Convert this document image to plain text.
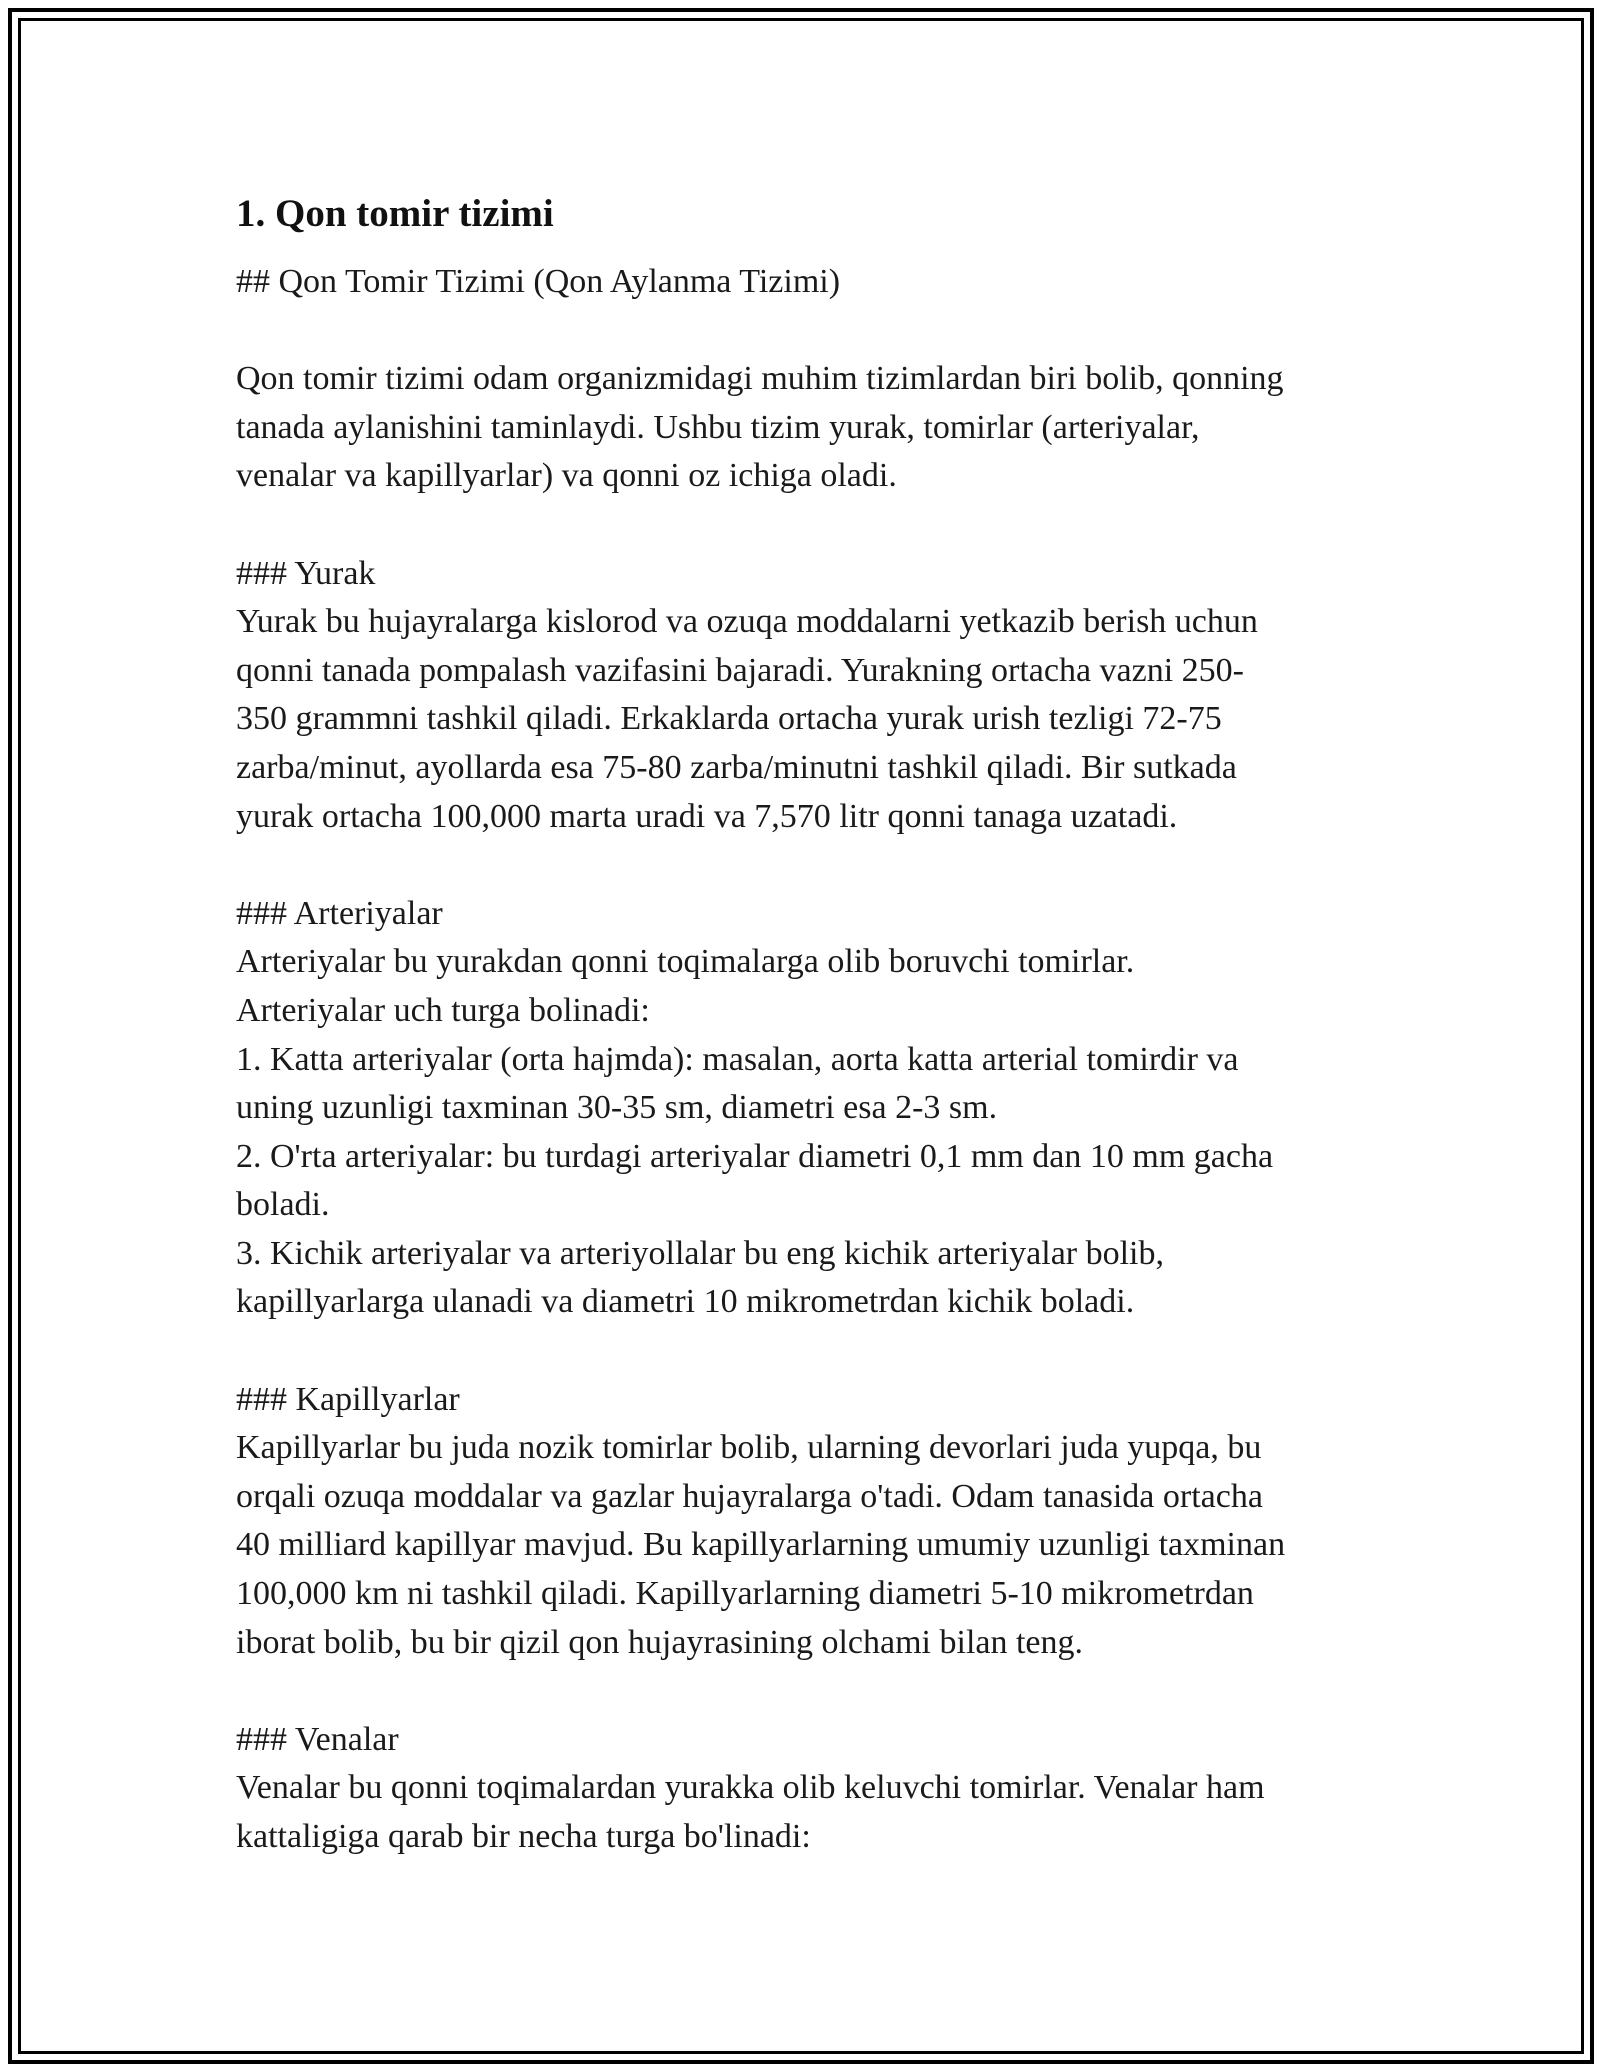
1. Qon tomir tizimi

## Qon Tomir Tizimi (Qon Aylanma Tizimi)

Qon tomir tizimi odam organizmidagi muhim tizimlardan biri bolib, qonning

tanada aylanishini taminlaydi. Ushbu tizim yurak, tomirlar (arteriyalar,

venalar va kapillyarlar) va qonni oz ichiga oladi.

### Yurak

Yurak bu hujayralarga kislorod va ozuqa moddalarni yetkazib berish uchun

qonni tanada pompalash vazifasini bajaradi. Yurakning ortacha vazni 250-

350 grammni tashkil qiladi. Erkaklarda ortacha yurak urish tezligi 72-75

zarba/minut, ayollarda esa 75-80 zarba/minutni tashkil qiladi. Bir sutkada

yurak ortacha 100,000 marta uradi va 7,570 litr qonni tanaga uzatadi.

### Arteriyalar

Arteriyalar bu yurakdan qonni toqimalarga olib boruvchi tomirlar.

Arteriyalar uch turga bolinadi:

1. Katta arteriyalar (orta hajmda): masalan, aorta katta arterial tomirdir va

uning uzunligi taxminan 30-35 sm, diametri esa 2-3 sm.

2. O'rta arteriyalar: bu turdagi arteriyalar diametri 0,1 mm dan 10 mm gacha

boladi.

3. Kichik arteriyalar va arteriyollalar bu eng kichik arteriyalar bolib,

kapillyarlarga ulanadi va diametri 10 mikrometrdan kichik boladi.

### Kapillyarlar

Kapillyarlar bu juda nozik tomirlar bolib, ularning devorlari juda yupqa, bu

orqali ozuqa moddalar va gazlar hujayralarga o'tadi. Odam tanasida ortacha

40 milliard kapillyar mavjud. Bu kapillyarlarning umumiy uzunligi taxminan

100,000 km ni tashkil qiladi. Kapillyarlarning diametri 5-10 mikrometrdan

iborat bolib, bu bir qizil qon hujayrasining olchami bilan teng.

### Venalar

Venalar bu qonni toqimalardan yurakka olib keluvchi tomirlar. Venalar ham

kattaligiga qarab bir necha turga bo'linadi:
